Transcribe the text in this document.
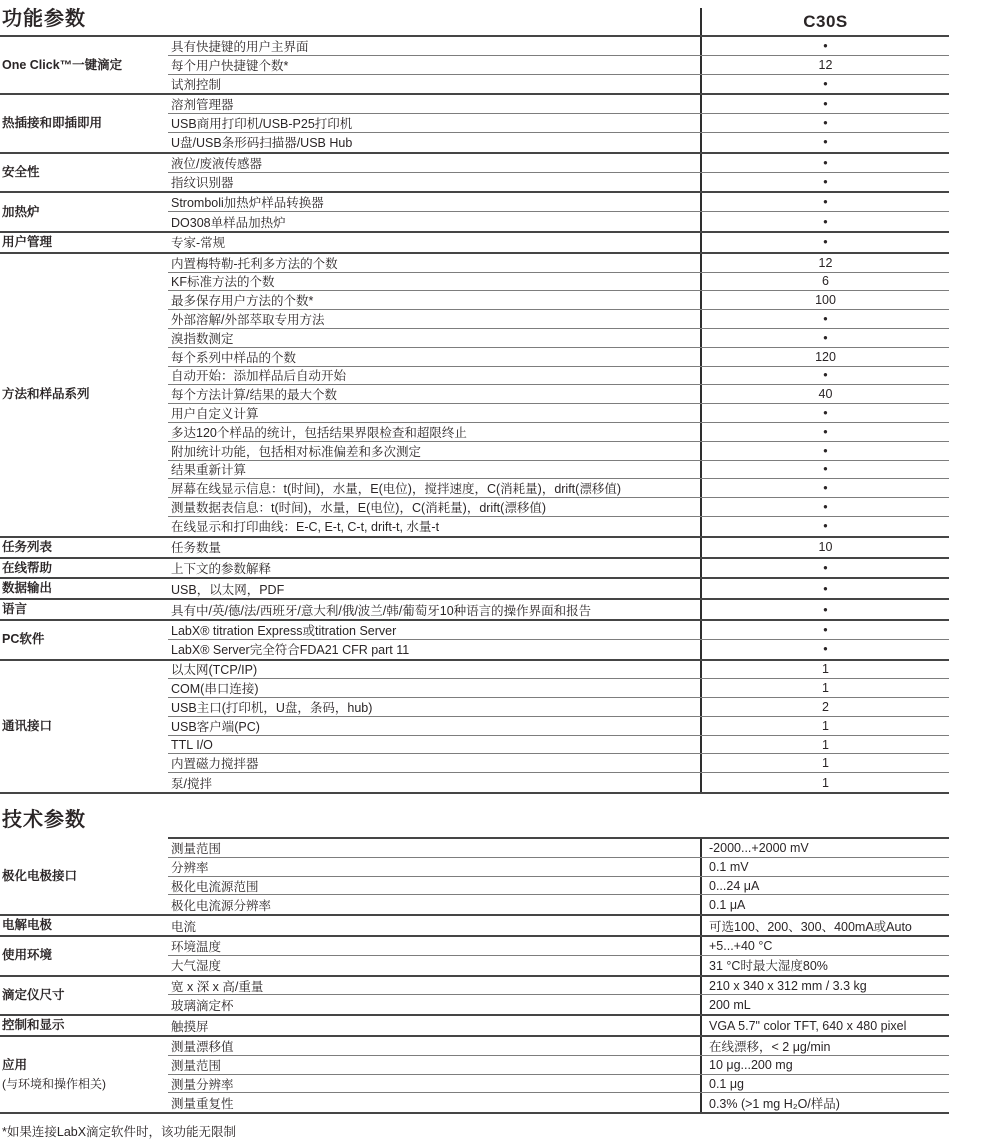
功能参数	C30S
One Click™一键滴定
具有快捷键的用户主界面	•
每个用户快捷键个数*	12
试剂控制	•
热插接和即插即用
溶剂管理器	•
USB商用打印机/USB-P25打印机	•
U盘/USB条形码扫描器/USB Hub	•
安全性
液位/废液传感器	•
指纹识别器	•
加热炉
Stromboli加热炉样品转换器	•
DO308单样品加热炉	•
用户管理	专家-常规	•
方法和样品系列
内置梅特勒-托利多方法的个数	12
KF标准方法的个数	6
最多保存用户方法的个数*	100
外部溶解/外部萃取专用方法	•
溴指数测定	•
每个系列中样品的个数	120
自动开始：添加样品后自动开始	•
每个方法计算/结果的最大个数	40
用户自定义计算	•
多达120个样品的统计，包括结果界限检查和超限终止	•
附加统计功能，包括相对标准偏差和多次测定	•
结果重新计算	•
屏幕在线显示信息：t(时间)，水量，E(电位)，搅拌速度，C(消耗量)，drift(漂移值)	•
测量数据表信息：t(时间)，水量，E(电位)，C(消耗量)，drift(漂移值)	•
在线显示和打印曲线：E-C, E-t, C-t, drift-t, 水量-t	•
任务列表	任务数量	10
在线帮助	上下文的参数解释	•
数据输出	USB，以太网，PDF	•
语言	具有中/英/德/法/西班牙/意大利/俄/波兰/韩/葡萄牙10种语言的操作界面和报告	•
PC软件
LabX® titration Express或titration Server	•
LabX® Server完全符合FDA21 CFR part 11	•
通讯接口
以太网(TCP/IP)	1
COM(串口连接)	1
USB主口(打印机，U盘，条码，hub)	2
USB客户端(PC)	1
TTL I/O	1
内置磁力搅拌器	1
泵/搅拌	1
技术参数
极化电极接口
测量范围	-2000...+2000 mV
分辨率	0.1 mV
极化电流源范围	0...24 μA
极化电流源分辨率	0.1 μA
电解电极	电流	可选100、200、300、400mA或Auto
使用环境
环境温度	+5...+40 °C
大气湿度	31 °C时最大湿度80%
滴定仪尺寸
宽 x 深 x 高/重量	210 x 340 x 312 mm / 3.3 kg
玻璃滴定杯	200 mL
控制和显示	触摸屏	VGA 5.7" color TFT, 640 x 480 pixel
应用
(与环境和操作相关)
测量漂移值	在线漂移，< 2 μg/min
测量范围	10 μg...200 mg
测量分辨率	0.1 μg
测量重复性	0.3% (>1 mg H₂O/样品)
*如果连接LabX滴定软件时，该功能无限制
